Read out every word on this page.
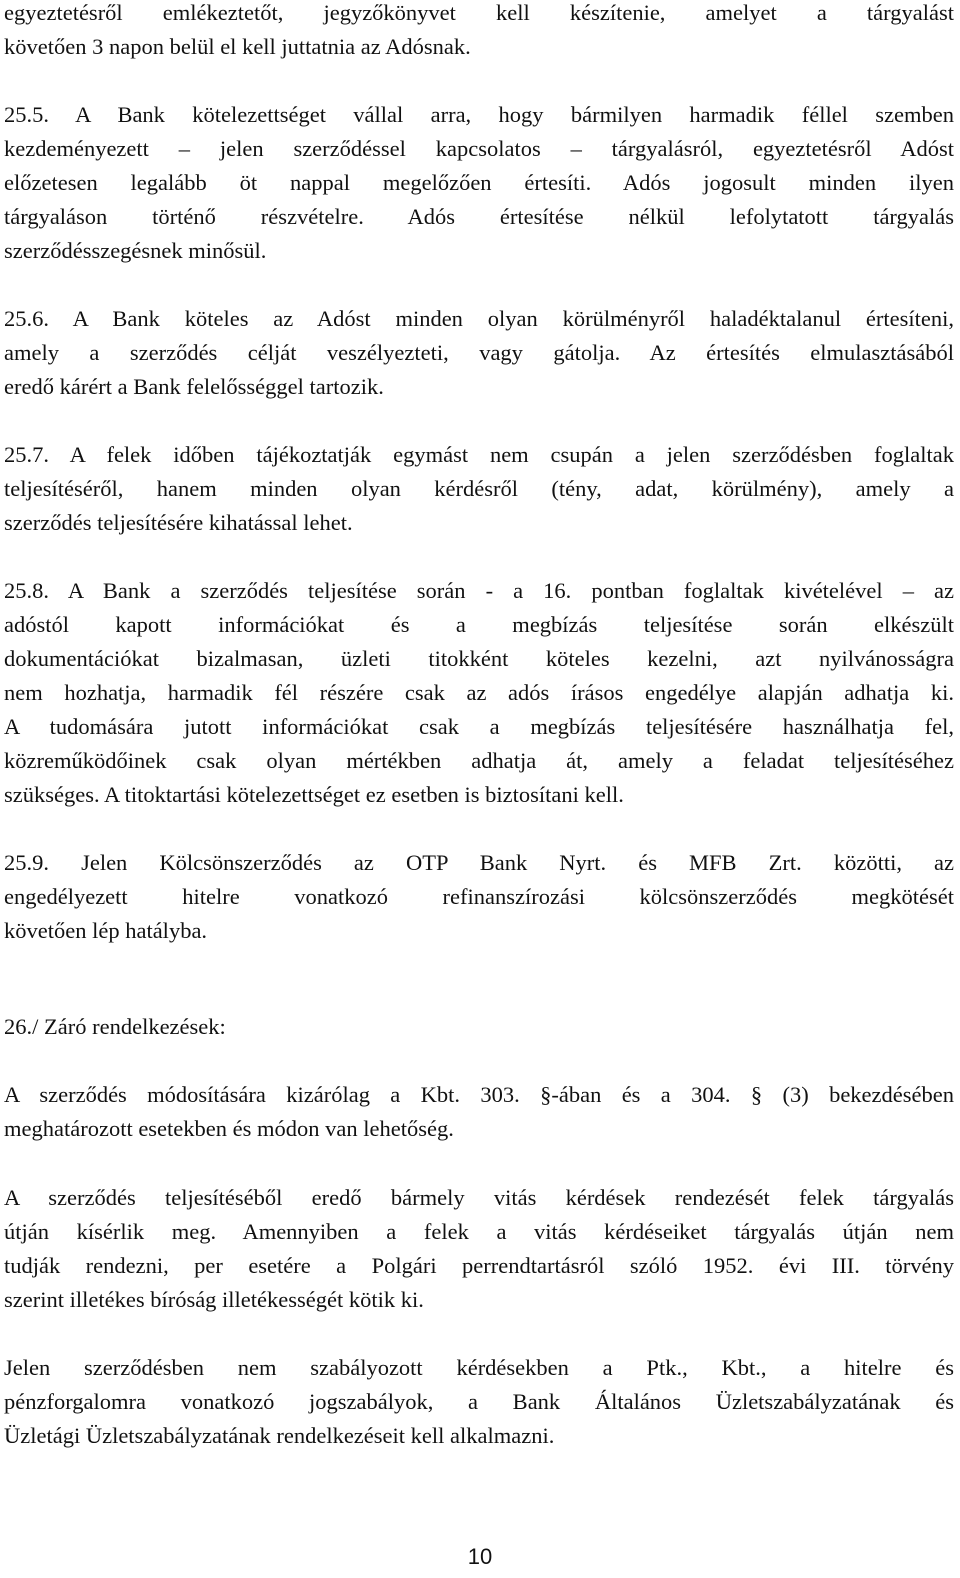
egyeztetésről emlékeztetőt, jegyzőkönyvet kell készítenie, amelyet a tárgyalást
követően 3 napon belül el kell juttatnia az Adósnak.
25.5. A Bank kötelezettséget vállal arra, hogy bármilyen harmadik féllel szemben
kezdeményezett – jelen szerződéssel kapcsolatos – tárgyalásról, egyeztetésről Adóst
előzetesen legalább öt nappal megelőzően értesíti. Adós jogosult minden ilyen
tárgyaláson történő részvételre. Adós értesítése nélkül lefolytatott tárgyalás
szerződésszegésnek minősül.
25.6. A Bank köteles az Adóst minden olyan körülményről haladéktalanul értesíteni,
amely a szerződés célját veszélyezteti, vagy gátolja. Az értesítés elmulasztásából
eredő kárért a Bank felelősséggel tartozik.
25.7. A felek időben tájékoztatják egymást nem csupán a jelen szerződésben foglaltak
teljesítéséről, hanem minden olyan kérdésről (tény, adat, körülmény), amely a
szerződés teljesítésére kihatással lehet.
25.8. A Bank a szerződés teljesítése során - a 16. pontban foglaltak kivételével – az
adóstól kapott információkat és a megbízás teljesítése során elkészült
dokumentációkat bizalmasan, üzleti titokként köteles kezelni, azt nyilvánosságra
nem hozhatja, harmadik fél részére csak az adós írásos engedélye alapján adhatja ki.
A tudomására jutott információkat csak a megbízás teljesítésére használhatja fel,
közreműködőinek csak olyan mértékben adhatja át, amely a feladat teljesítéséhez
szükséges. A titoktartási kötelezettséget ez esetben is biztosítani kell.
25.9. Jelen Kölcsönszerződés az OTP Bank Nyrt. és MFB Zrt. közötti, az
engedélyezett hitelre vonatkozó refinanszírozási kölcsönszerződés megkötését
követően lép hatályba.
26./ Záró rendelkezések:
A szerződés módosítására kizárólag a Kbt. 303. §-ában és a 304. § (3) bekezdésében
meghatározott esetekben és módon van lehetőség.
A szerződés teljesítéséből eredő bármely vitás kérdések rendezését felek tárgyalás
útján kísérlik meg. Amennyiben a felek a vitás kérdéseiket tárgyalás útján nem
tudják rendezni, per esetére a Polgári perrendtartásról szóló 1952. évi III. törvény
szerint illetékes bíróság illetékességét kötik ki.
Jelen szerződésben nem szabályozott kérdésekben a Ptk., Kbt., a hitelre és
pénzforgalomra vonatkozó jogszabályok, a Bank Általános Üzletszabályzatának és
Üzletági Üzletszabályzatának rendelkezéseit kell alkalmazni.
10
